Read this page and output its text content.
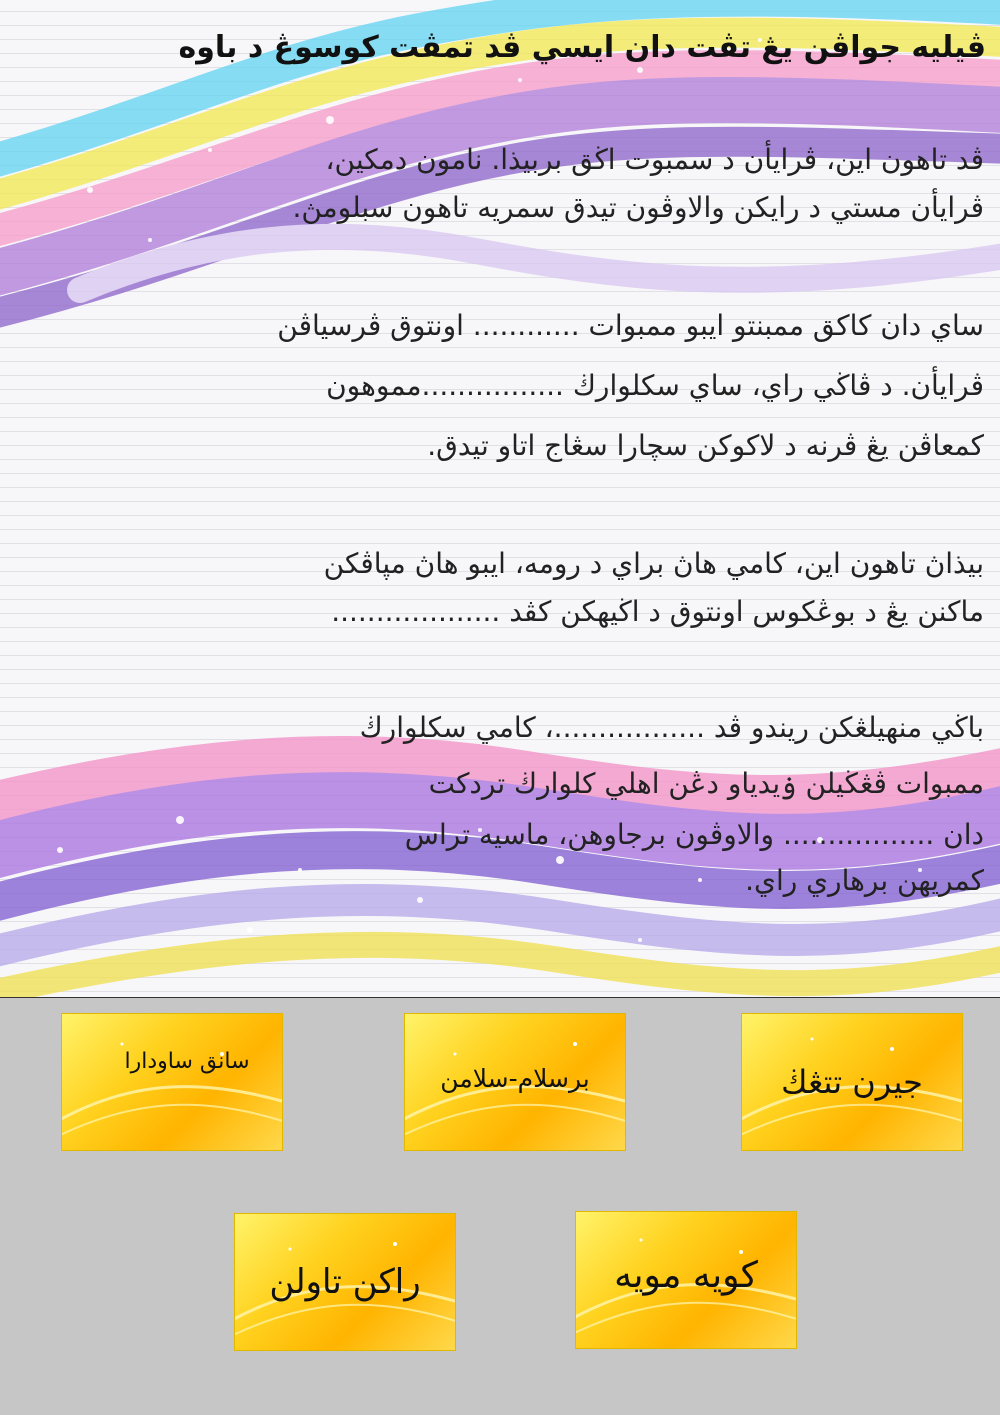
ڤيليه جواڤن يڠ تڤت دان ايسي ڤد تمڤت كوسوڠ د باوه
ڤد تاهون اين، ڤرايأن د سمبوت اڬق بربيذا. نامون دمكين،
ڤرايأن مستي د رايكن والاوڤون تيدق سمريه تاهون سبلومڽ.
ساي دان كاكق ممبنتو ايبو ممبوات ............ اونتوق ڤرسياڤن
ڤرايأن. د ڤاڬي راي، ساي سكلوارڬ ................مموهون
كمعاڤن يڠ ڤرنه د لاكوكن سچارا سڠاج اتاو تيدق.
بيذاڽ تاهون اين، كامي هاڽ براي د رومه، ايبو هاڽ مڽاڤكن
ماكنن يڠ د بوڠكوس اونتوق د اڬيهكن كڤد ...................
باڬي منهيلڠكن ريندو ڤد .................، كامي سكلوارڬ
ممبوات ڤڠڬيلن ۏيدياو دڠن اهلي كلوارڬ تردكت
دان ................. والاوڤون برجاوهن، ماسيه تراس
كمريهن برهاري راي.
سانق ساودارا
برسلام-سلامن	جيرن تتڠڬ
راكن تاولن	كويه مويه
